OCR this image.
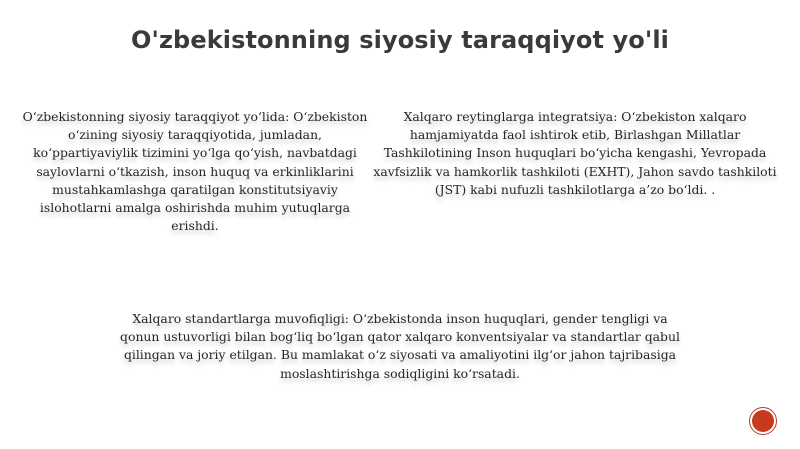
O'zbekistonning siyosiy taraqqiyot yo'li
O‘zbekistonning siyosiy taraqqiyot yo‘lida: O‘zbekiston o‘zining siyosiy taraqqiyotida, jumladan, ko‘ppartiyaviylik tizimini yo‘lga qo‘yish, navbatdagi saylovlarni o‘tkazish, inson huquq va erkinliklarini mustahkamlashga qaratilgan konstitutsiyaviy islohotlarni amalga oshirishda muhim yutuqlarga erishdi.
Xalqaro reytinglarga integratsiya: O‘zbekiston xalqaro hamjamiyatda faol ishtirok etib, Birlashgan Millatlar Tashkilotining Inson huquqlari bo‘yicha kengashi, Yevropada xavfsizlik va hamkorlik tashkiloti (EXHT), Jahon savdo tashkiloti (JST) kabi nufuzli tashkilotlarga a’zo bo‘ldi. .
Xalqaro standartlarga muvofiqligi: O‘zbekistonda inson huquqlari, gender tengligi va qonun ustuvorligi bilan bog‘liq bo‘lgan qator xalqaro konventsiyalar va standartlar qabul qilingan va joriy etilgan. Bu mamlakat o‘z siyosati va amaliyotini ilg‘or jahon tajribasiga moslashtirishga sodiqligini ko‘rsatadi.
